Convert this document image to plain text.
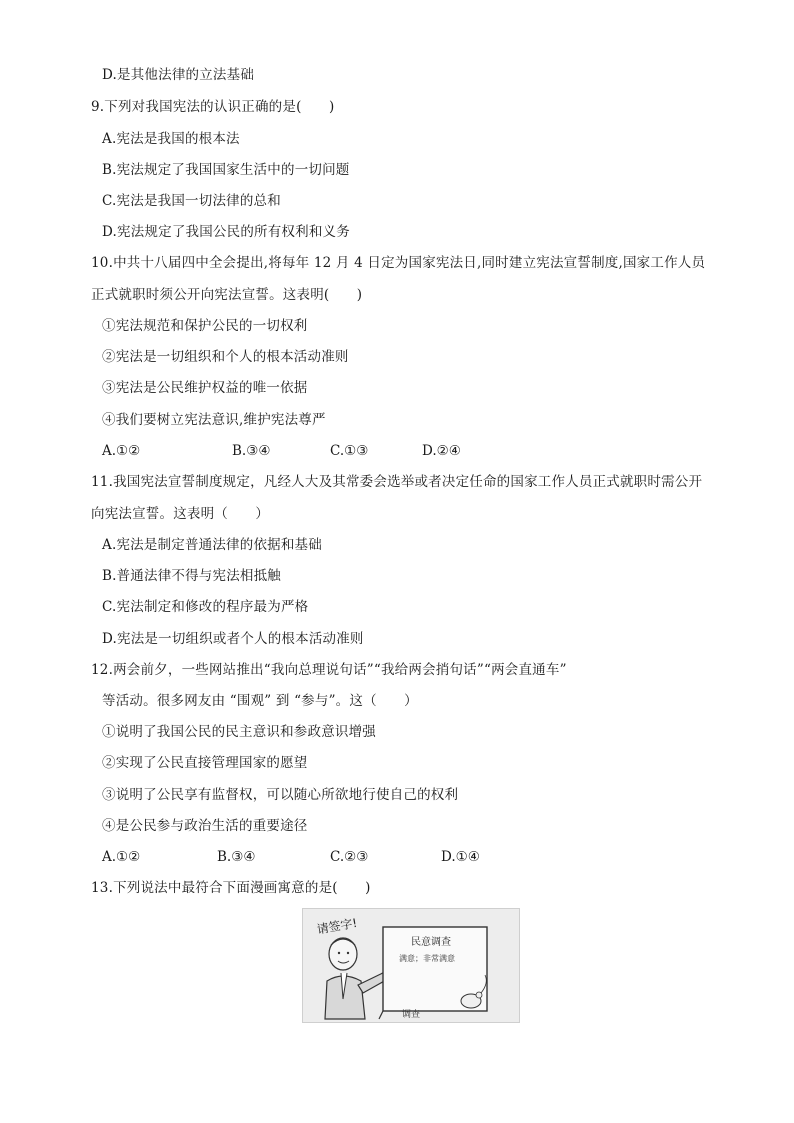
D.是其他法律的立法基础
9.下列对我国宪法的认识正确的是(　　)
A.宪法是我国的根本法
B.宪法规定了我国国家生活中的一切问题
C.宪法是我国一切法律的总和
D.宪法规定了我国公民的所有权利和义务
10.中共十八届四中全会提出,将每年 12 月 4 日定为国家宪法日,同时建立宪法宣誓制度,国家工作人员
正式就职时须公开向宪法宣誓。这表明(　　)
①宪法规范和保护公民的一切权利
②宪法是一切组织和个人的根本活动准则
③宪法是公民维护权益的唯一依据
④我们要树立宪法意识,维护宪法尊严
A.①②	B.③④	C.①③	D.②④
11.我国宪法宣誓制度规定，凡经人大及其常委会选举或者决定任命的国家工作人员正式就职时需公开
向宪法宣誓。这表明（　　）
A.宪法是制定普通法律的依据和基础
B.普通法律不得与宪法相抵触
C.宪法制定和修改的程序最为严格
D.宪法是一切组织或者个人的根本活动准则
12.两会前夕，一些网站推出“我向总理说句话”“我给两会捎句话”“两会直通车”
等活动。很多网友由 “围观” 到 “参与”。这（　　）
①说明了我国公民的民主意识和参政意识增强
②实现了公民直接管理国家的愿望
③说明了公民享有监督权，可以随心所欲地行使自己的权利
④是公民参与政治生活的重要途径
A.①②	B.③④	C.②③	D.①④
13.下列说法中最符合下面漫画寓意的是(　　)
请签字!
民意调查
满意；非常满意
调查
